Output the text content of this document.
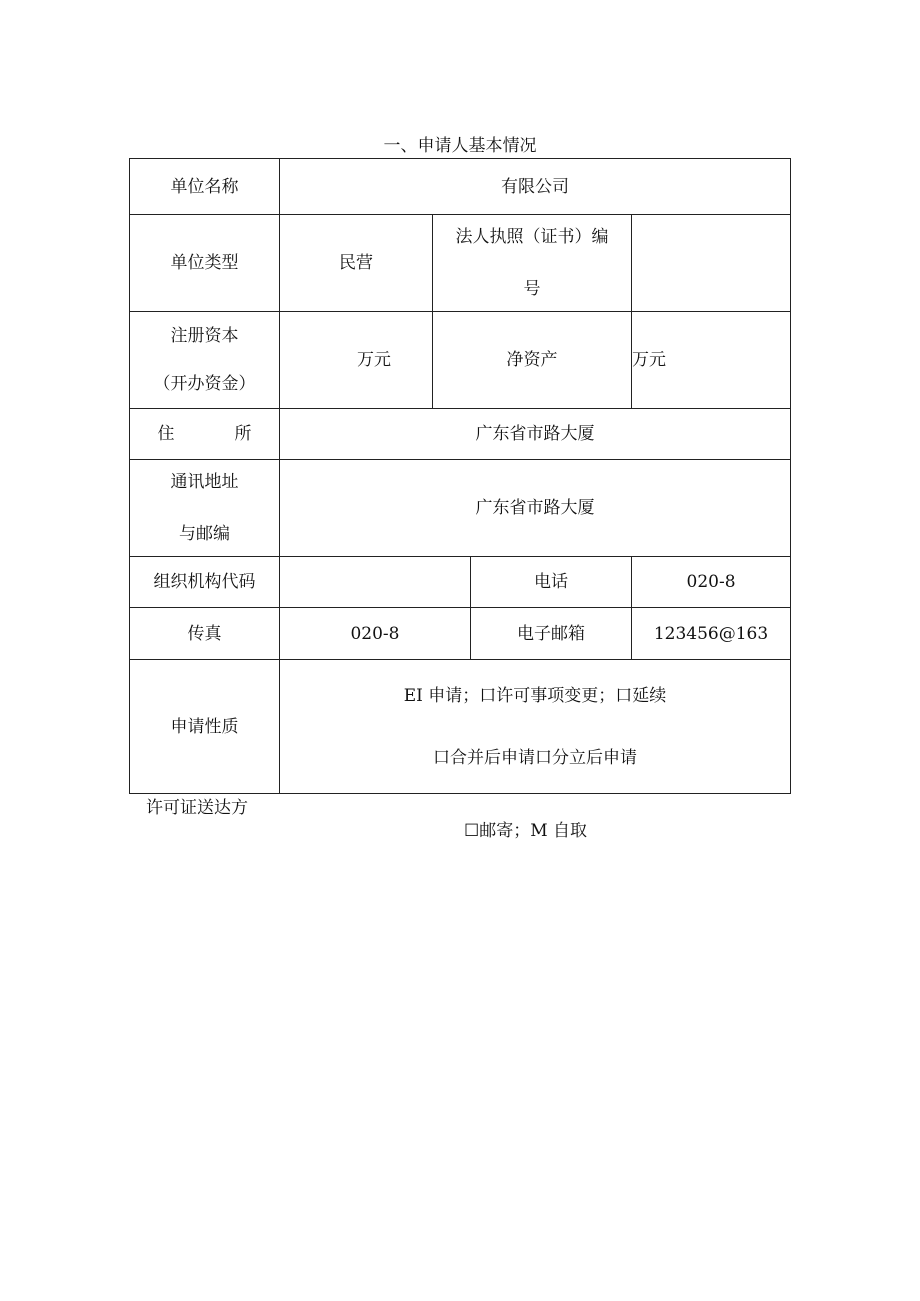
一、申请人基本情况
单位名称	有限公司			
单位类型	民营	法人执照（证书）编
号		

注册资本
（开办资金）	万元	净资产		万元
住 所	广东省市路大厦			

通讯地址
与邮编	广东省市路大厦			
组织机构代码			电话	020-8
传真	020-8		电子邮箱	123456@163
申请性质	EI 申请；口许可事项变更；口延续
口合并后申请口分立后申请			
许可证送达方
☐邮寄；M 自取
